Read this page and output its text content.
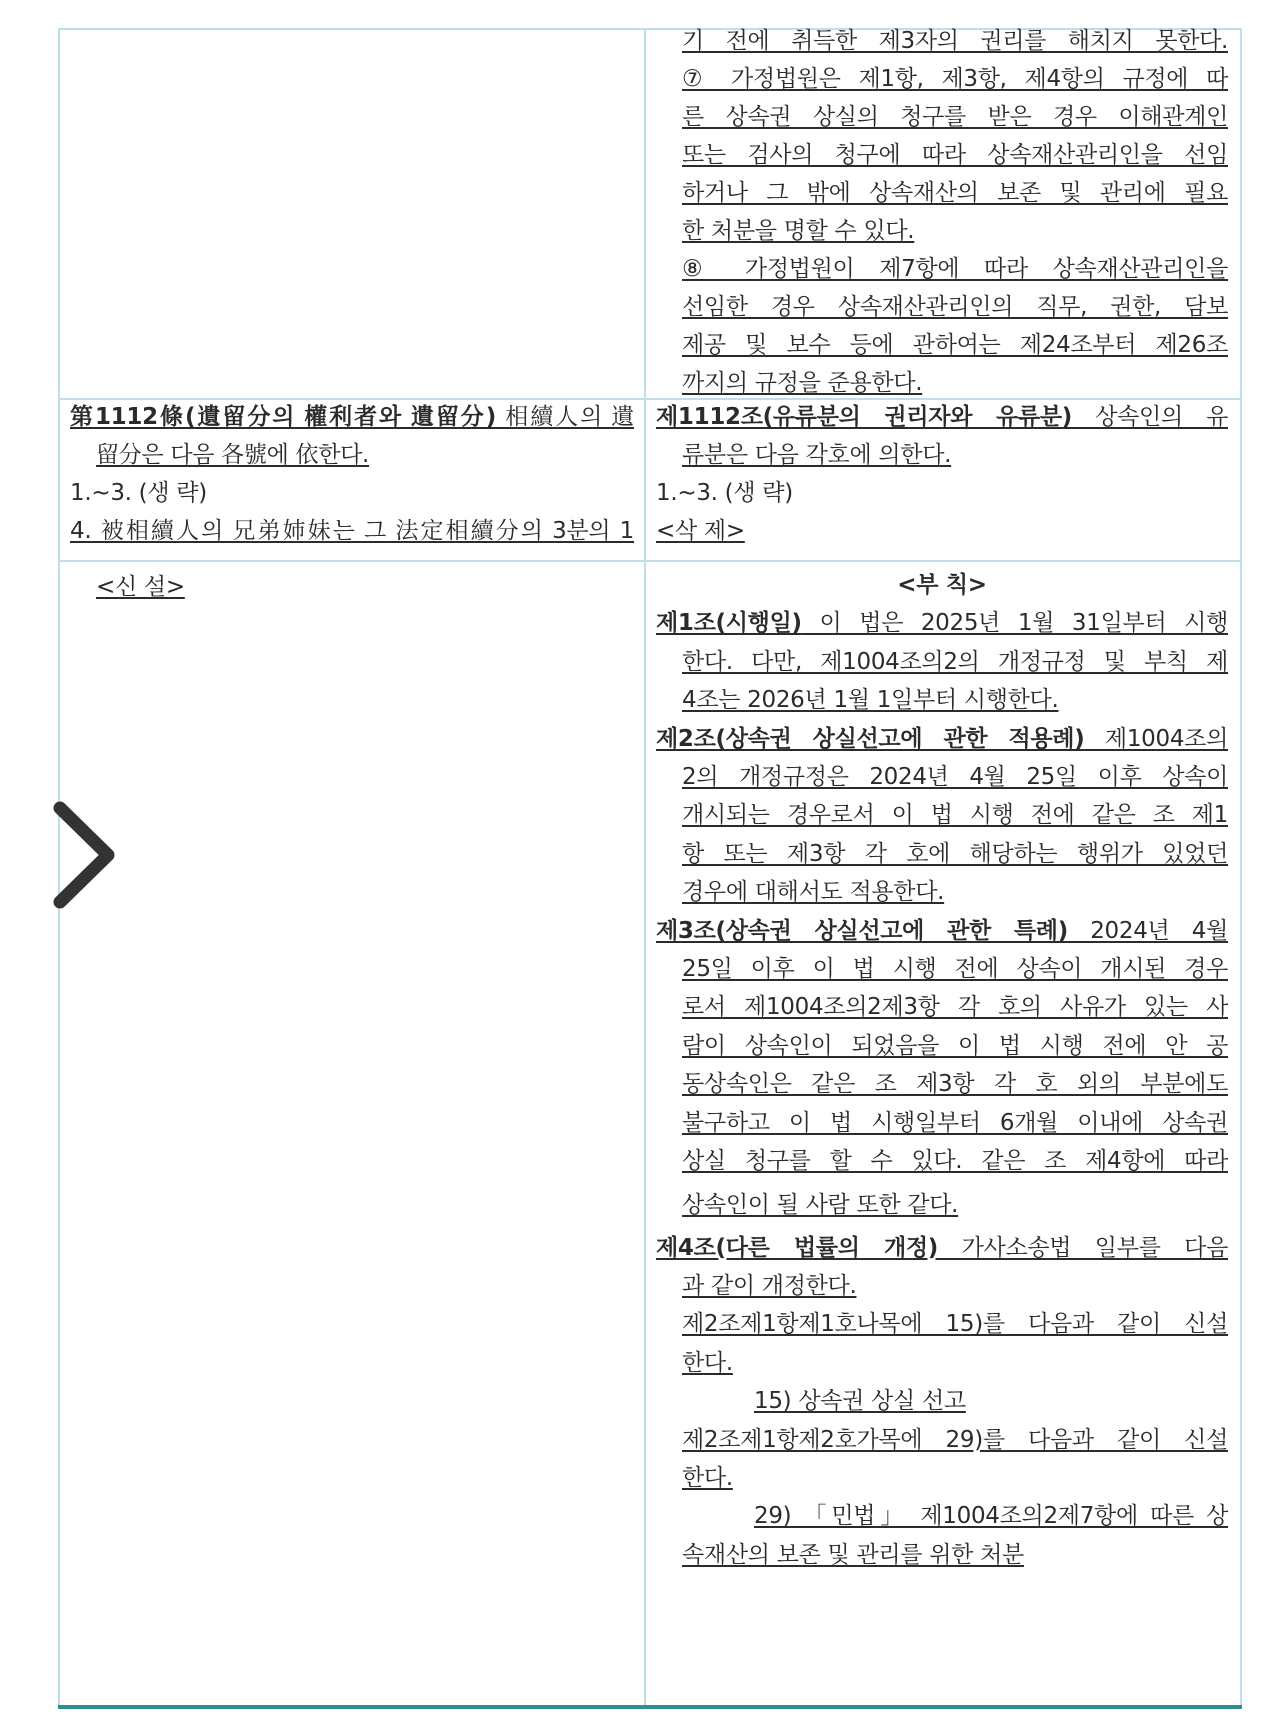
기 전에 취득한 제3자의 권리를 해치지 못한다.
⑦ 가정법원은 제1항, 제3항, 제4항의 규정에 따
른 상속권 상실의 청구를 받은 경우 이해관계인
또는 검사의 청구에 따라 상속재산관리인을 선임
하거나 그 밖에 상속재산의 보존 및 관리에 필요
한 처분을 명할 수 있다.
⑧ 가정법원이 제7항에 따라 상속재산관리인을
선임한 경우 상속재산관리인의 직무, 권한, 담보
제공 및 보수 등에 관하여는 제24조부터 제26조
까지의 규정을 준용한다.
第1112條(遺留分의 權利者와 遺留分) 相續人의 遺
留分은 다음 各號에 依한다.
1.~3. (생 략)
4. 被相續人의 兄弟姉妹는 그 法定相續分의 3분의 1
제1112조(유류분의 권리자와 유류분) 상속인의 유
류분은 다음 각호에 의한다.
1.~3. (생 략)
<삭 제>
<신 설>	<부 칙>
제1조(시행일) 이 법은 2025년 1월 31일부터 시행
한다. 다만, 제1004조의2의 개정규정 및 부칙 제
4조는 2026년 1월 1일부터 시행한다.
제2조(상속권 상실선고에 관한 적용례) 제1004조의
2의 개정규정은 2024년 4월 25일 이후 상속이
개시되는 경우로서 이 법 시행 전에 같은 조 제1
항 또는 제3항 각 호에 해당하는 행위가 있었던
경우에 대해서도 적용한다.
제3조(상속권 상실선고에 관한 특례) 2024년 4월
25일 이후 이 법 시행 전에 상속이 개시된 경우
로서 제1004조의2제3항 각 호의 사유가 있는 사
람이 상속인이 되었음을 이 법 시행 전에 안 공
동상속인은 같은 조 제3항 각 호 외의 부분에도
불구하고 이 법 시행일부터 6개월 이내에 상속권
상실 청구를 할 수 있다. 같은 조 제4항에 따라
상속인이 될 사람 또한 같다.
제4조(다른 법률의 개정) 가사소송법 일부를 다음
과 같이 개정한다.
제2조제1항제1호나목에 15)를 다음과 같이 신설
한다.
15) 상속권 상실 선고
제2조제1항제2호가목에 29)를 다음과 같이 신설
한다.
29) 「민법」 제1004조의2제7항에 따른 상
속재산의 보존 및 관리를 위한 처분
